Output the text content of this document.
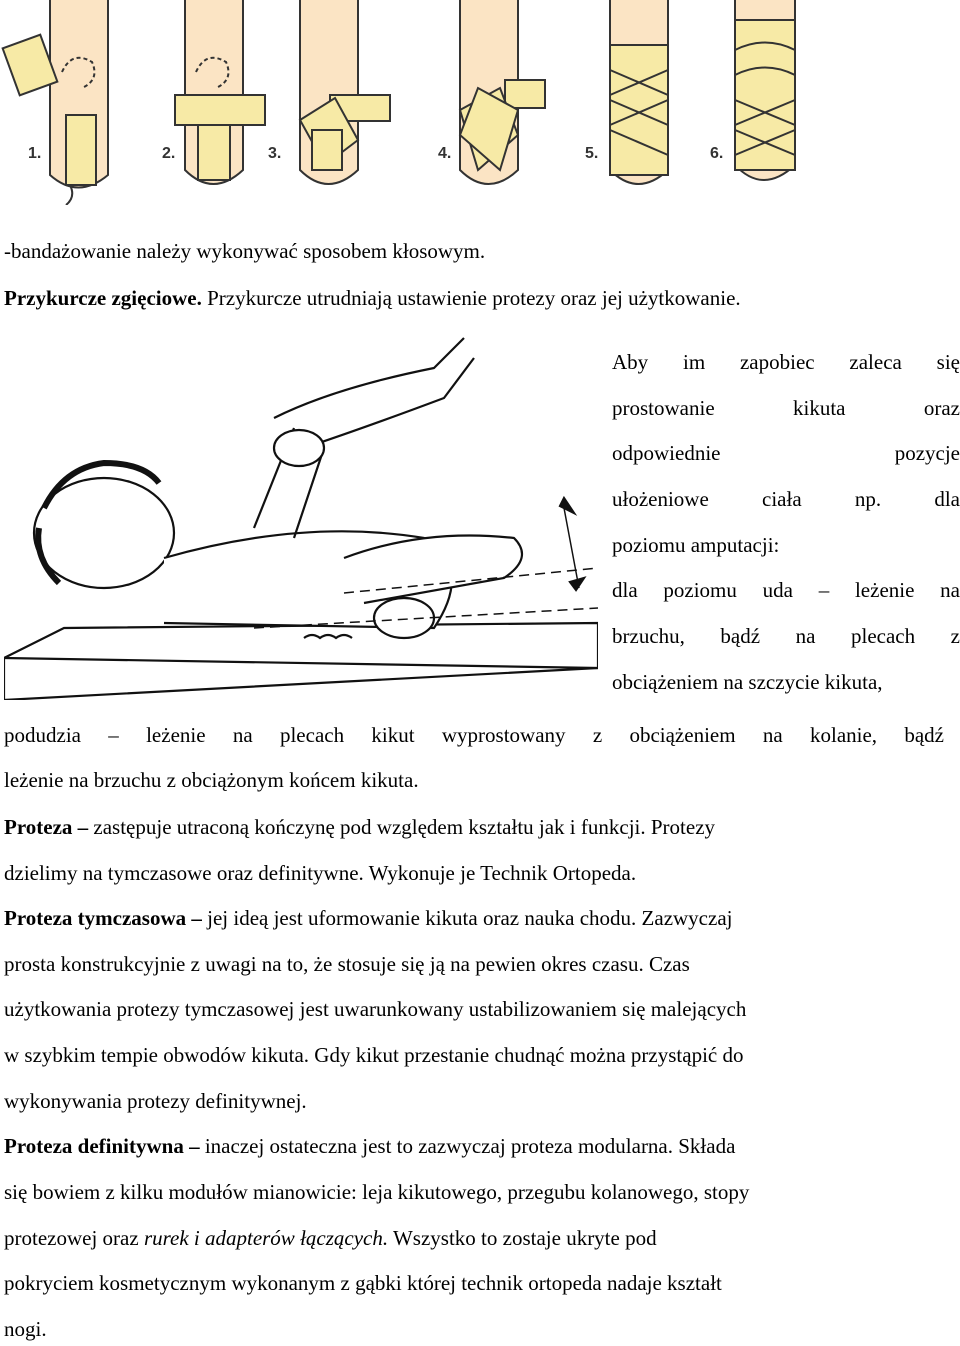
1.	2.	3.	4.	5.	6.
-bandażowanie należy wykonywać sposobem kłosowym.
Przykurcze zgięciowe. Przykurcze utrudniają ustawienie protezy oraz jej użytkowanie.
Aby im zapobiec zaleca się
prostowanie kikuta oraz
odpowiednie pozycje
ułożeniowe ciała np. dla
poziomu amputacji:
dla poziomu uda – leżenie na
brzuchu, bądź na plecach z
obciążeniem na szczycie kikuta,
podudzia – leżenie na plecach kikut wyprostowany z obciążeniem na kolanie, bądź
leżenie na brzuchu z obciążonym końcem kikuta.
Proteza – zastępuje utraconą kończynę pod względem kształtu jak i funkcji. Protezy
dzielimy na tymczasowe oraz definitywne. Wykonuje je Technik Ortopeda.
Proteza tymczasowa – jej ideą jest uformowanie kikuta oraz nauka chodu. Zazwyczaj
prosta konstrukcyjnie z uwagi na to, że stosuje się ją na pewien okres czasu. Czas
użytkowania protezy tymczasowej jest uwarunkowany ustabilizowaniem się malejących
w szybkim tempie obwodów kikuta. Gdy kikut przestanie chudnąć można przystąpić do
wykonywania protezy definitywnej.
Proteza definitywna – inaczej ostateczna jest to zazwyczaj proteza modularna. Składa
się bowiem z kilku modułów mianowicie: leja kikutowego, przegubu kolanowego, stopy
protezowej oraz rurek i adapterów łączących. Wszystko to zostaje ukryte pod
pokryciem kosmetycznym wykonanym z gąbki której technik ortopeda nadaje kształt
nogi.
